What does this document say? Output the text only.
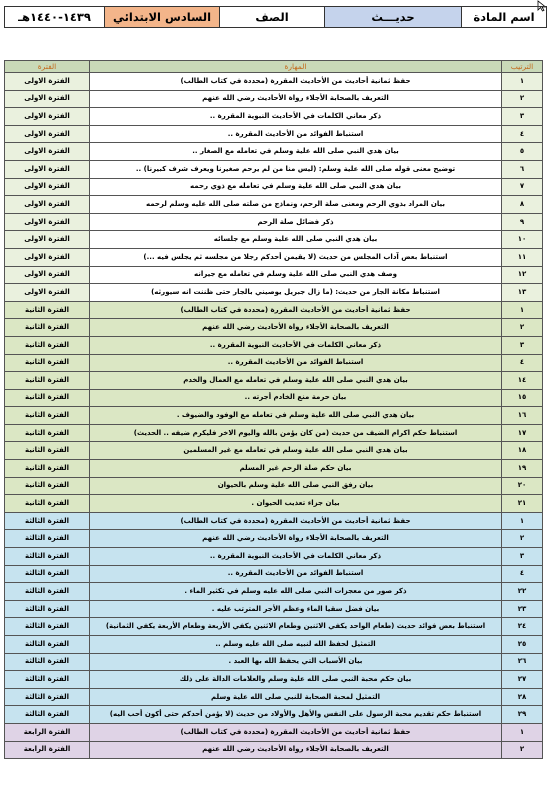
اسم المادة	حديـــث	الصف	السادس الابتدائي	١٤٣٩-١٤٤٠هـ
الترتيب	المهارة	الفترة
١	حفظ ثمانية أحاديث من الأحاديث المقررة (محددة في كتاب الطالب)	الفترة الاولى
٢	التعريف بالصحابة الأجلاء رواة الأحاديث رضي الله عنهم	الفترة الاولى
٣	ذكر معاني الكلمات في الأحاديث النبوية المقررة ..	الفترة الاولى
٤	استنباط الفوائد من الأحاديث المقررة ..	الفترة الاولى
٥	بيان هدي النبي صلى الله علية وسلم في تعامله مع الصغار ..	الفترة الاولى
٦	توضيح معنى قوله صلى الله علية وسلم: (ليس منا من لم يرحم صغيرنا ويعرف شرف كبيرنا) ..	الفترة الاولى
٧	بيان هدي النبي صلى الله علية وسلم في تعامله مع ذوي رحمه	الفترة الاولى
٨	بيان المراد بذوي الرحم ومعنى صلة الرحم، ونماذج من صلته صلى الله عليه وسلم لرحمه	الفترة الاولى
٩	ذكر فضائل صلة الرحم	الفترة الاولى
١٠	بيان هدي النبي صلى الله علية وسلم مع جلسائه	الفترة الاولى
١١	استنباط بعض آداب المجلس من حديث (لا يقيمن أحدكم رجلا من مجلسه ثم يجلس فيه ...)	الفترة الاولى
١٢	وصف هدي النبي صلى الله علية وسلم في تعامله مع جيرانه	الفترة الاولى
١٣	استنباط مكانة الجار من حديث: (ما زال جبريل يوصيني بالجار حتى ظننت انه سيورثه)	الفترة الاولى
١	حفظ ثمانية أحاديث من الأحاديث المقررة (محددة في كتاب الطالب)	الفترة الثانية
٢	التعريف بالصحابة الأجلاء رواة الأحاديث رضي الله عنهم	الفترة الثانية
٣	ذكر معاني الكلمات في الأحاديث النبوية المقررة ..	الفترة الثانية
٤	استنباط الفوائد من الأحاديث المقررة ..	الفترة الثانية
١٤	بيان هدي النبي صلى الله علية وسلم في تعامله مع العمال والخدم	الفترة الثانية
١٥	بيان حرمة منع الخادم أجرته ..	الفترة الثانية
١٦	بيان هدي النبي صلى الله علية وسلم في تعامله مع الوفود والضيوف .	الفترة الثانية
١٧	استنباط حكم اكرام الضيف من حديث (من كان يؤمن بالله واليوم الاخر فليكرم ضيفه .. الحديث)	الفترة الثانية
١٨	بيان هدي النبي صلى الله علية وسلم في تعامله مع غير المسلمين	الفترة الثانية
١٩	بيان حكم صلة الرحم غير المسلم	الفترة الثانية
٢٠	بيان رفق النبي صلى الله علية وسلم بالحيوان	الفترة الثانية
٢١	بيان جزاء تعذيب الحيوان .	الفترة الثانية
١	حفظ ثمانية أحاديث من الأحاديث المقررة (محددة في كتاب الطالب)	الفترة الثالثة
٢	التعريف بالصحابة الأجلاء رواة الأحاديث رضي الله عنهم	الفترة الثالثة
٣	ذكر معاني الكلمات في الأحاديث النبوية المقررة ..	الفترة الثالثة
٤	استنباط الفوائد من الأحاديث المقررة ..	الفترة الثالثة
٢٢	ذكر صور من معجزات النبي صلى الله عليه وسلم في تكثير الماء .	الفترة الثالثة
٢٣	بيان فضل سقيا الماء وعظم الأجر المترتب عليه .	الفترة الثالثة
٢٤	استنباط بعض فوائد حديث (طعام الواحد يكفي الاثنين وطعام الاثنين يكفي الأربعة وطعام الأربعة يكفي الثمانية)	الفترة الثالثة
٢٥	التمثيل لحفظ الله لنبيه صلى الله عليه وسلم ..	الفترة الثالثة
٢٦	بيان الأسباب التي يحفظ الله بها العبد .	الفترة الثالثة
٢٧	بيان حكم محبة النبي صلى الله علية وسلم والعلامات الدالة على ذلك	الفترة الثالثة
٢٨	التمثيل لمحبة الصحابة للنبي صلى الله علية وسلم	الفترة الثالثة
٢٩	استنباط حكم تقديم محبة الرسول على النفس والأهل والأولاد من حديث (لا يؤمن أحدكم حتى أكون أحب اليه)	الفترة الثالثة
١	حفظ ثمانية أحاديث من الأحاديث المقررة (محددة في كتاب الطالب)	الفترة الرابعة
٢	التعريف بالصحابة الأجلاء رواة الأحاديث رضي الله عنهم	الفترة الرابعة
